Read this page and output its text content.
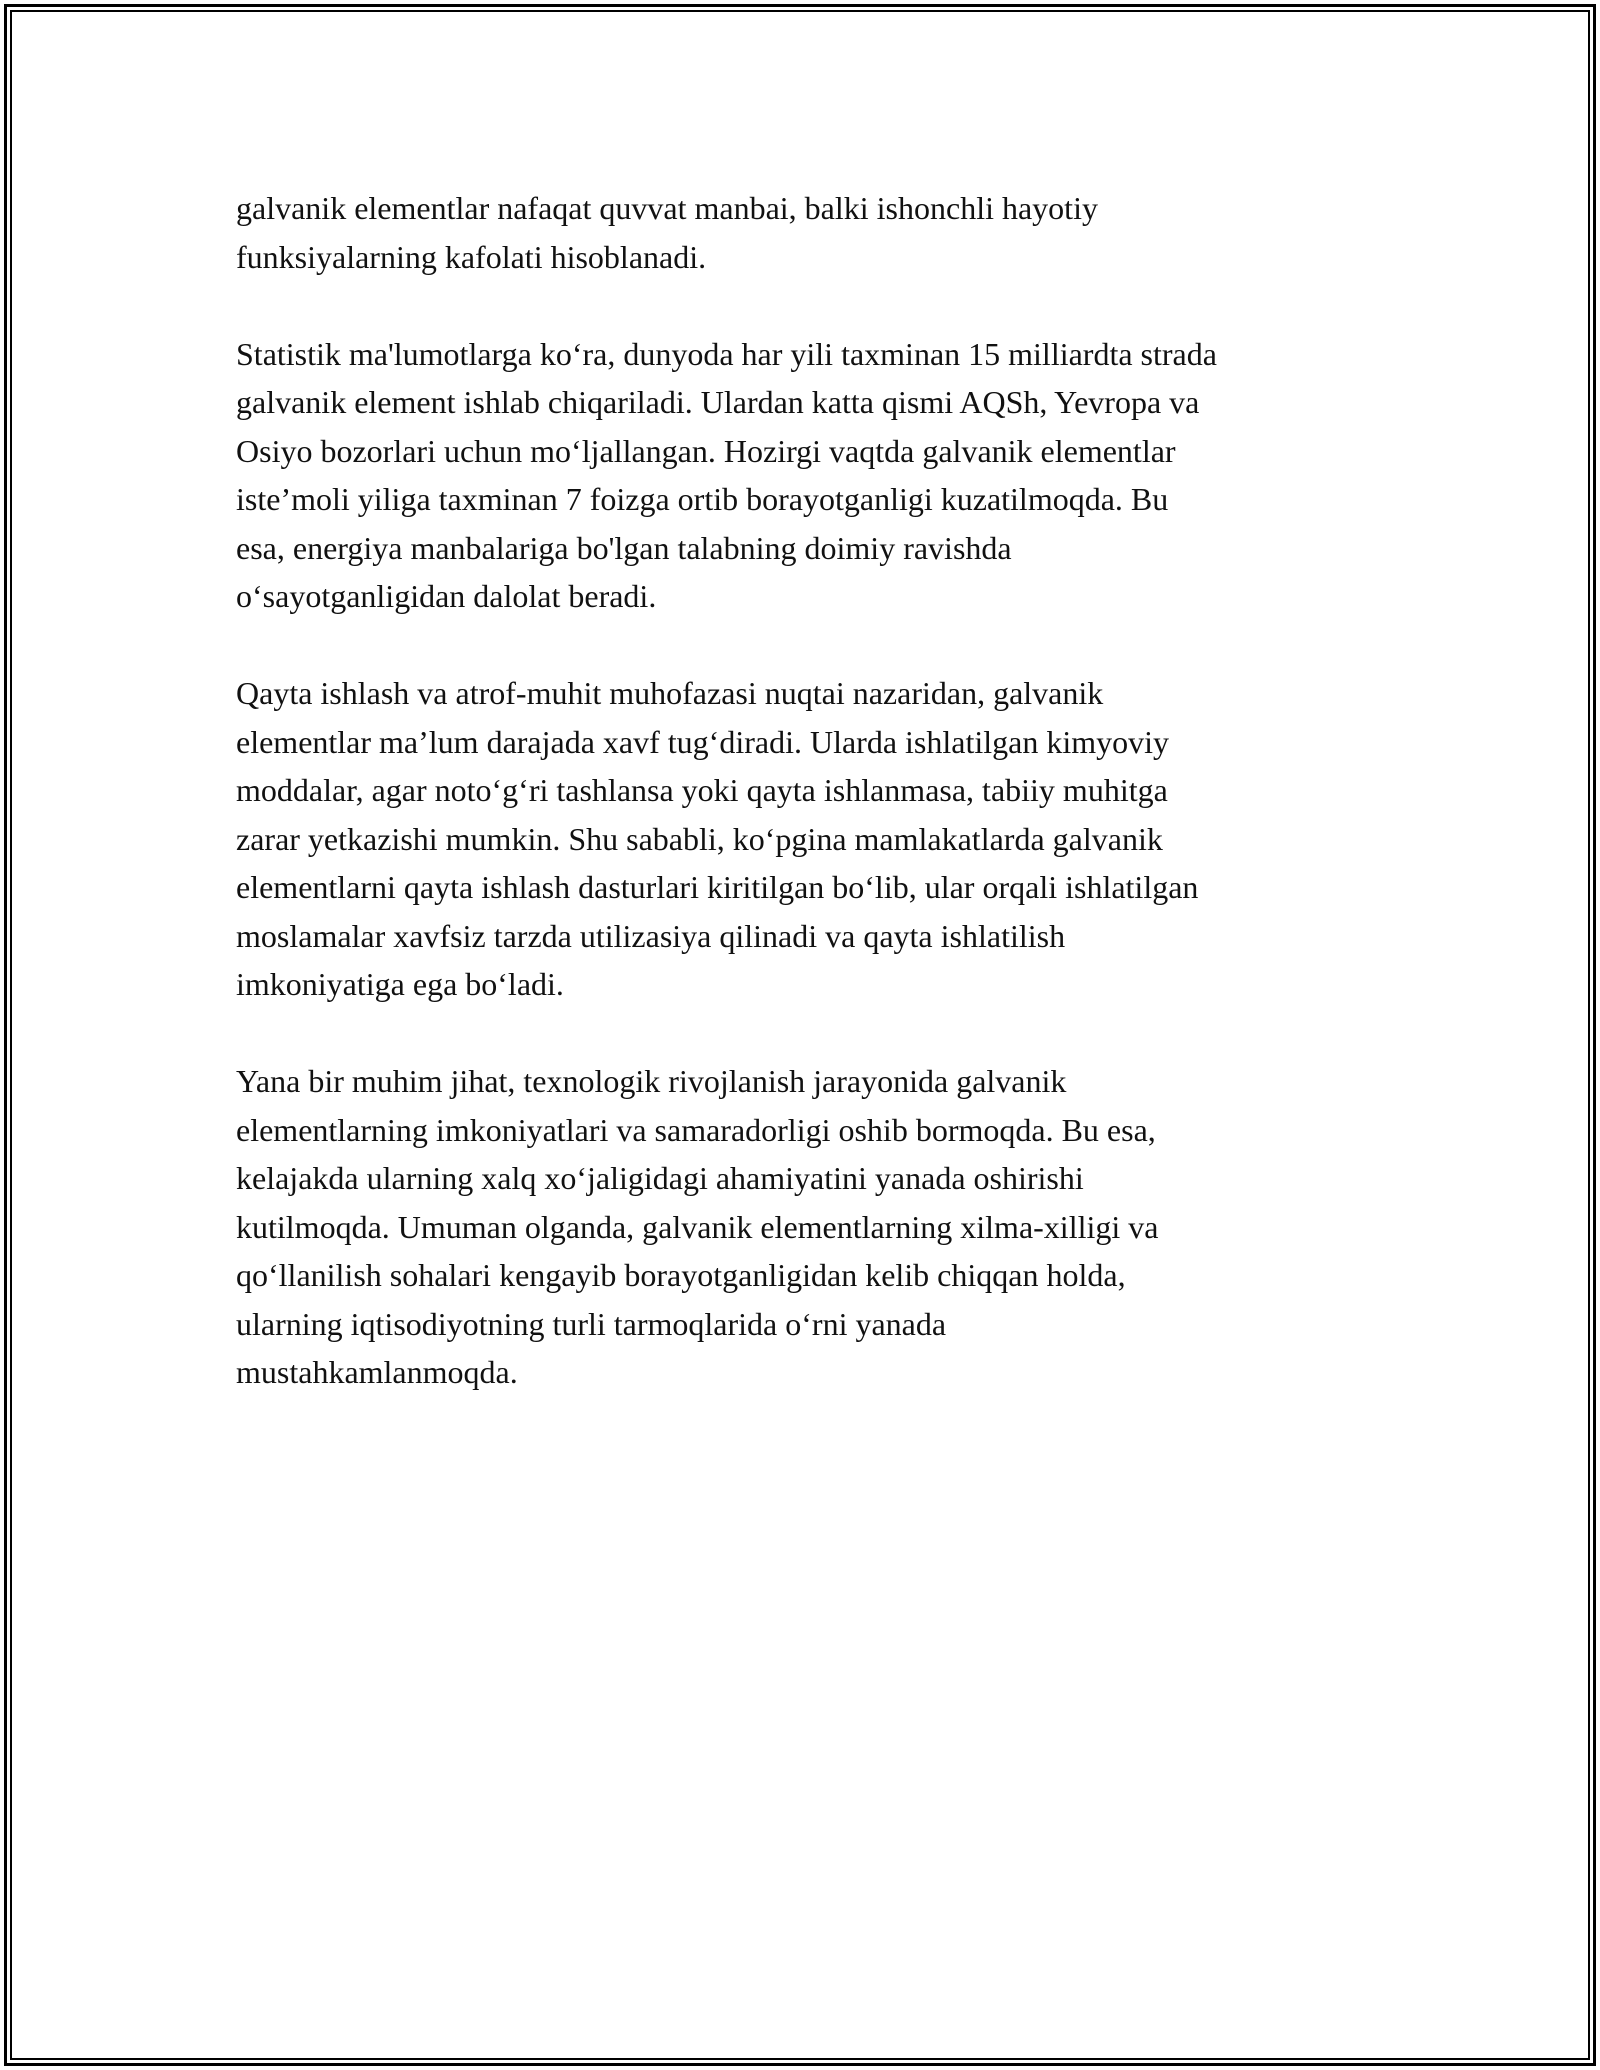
galvanik elementlar nafaqat quvvat manbai, balki ishonchli hayotiy
funksiyalarning kafolati hisoblanadi.

Statistik ma'lumotlarga ko‘ra, dunyoda har yili taxminan 15 milliardta strada
galvanik element ishlab chiqariladi. Ulardan katta qismi AQSh, Yevropa va
Osiyo bozorlari uchun mo‘ljallangan. Hozirgi vaqtda galvanik elementlar
iste’moli yiliga taxminan 7 foizga ortib borayotganligi kuzatilmoqda. Bu
esa, energiya manbalariga bo'lgan talabning doimiy ravishda
o‘sayotganligidan dalolat beradi.

Qayta ishlash va atrof-muhit muhofazasi nuqtai nazaridan, galvanik
elementlar ma’lum darajada xavf tug‘diradi. Ularda ishlatilgan kimyoviy
moddalar, agar noto‘g‘ri tashlansa yoki qayta ishlanmasa, tabiiy muhitga
zarar yetkazishi mumkin. Shu sababli, ko‘pgina mamlakatlarda galvanik
elementlarni qayta ishlash dasturlari kiritilgan bo‘lib, ular orqali ishlatilgan
moslamalar xavfsiz tarzda utilizasiya qilinadi va qayta ishlatilish
imkoniyatiga ega bo‘ladi.

Yana bir muhim jihat, texnologik rivojlanish jarayonida galvanik
elementlarning imkoniyatlari va samaradorligi oshib bormoqda. Bu esa,
kelajakda ularning xalq xo‘jaligidagi ahamiyatini yanada oshirishi
kutilmoqda. Umuman olganda, galvanik elementlarning xilma-xilligi va
qo‘llanilish sohalari kengayib borayotganligidan kelib chiqqan holda,
ularning iqtisodiyotning turli tarmoqlarida o‘rni yanada
mustahkamlanmoqda.
